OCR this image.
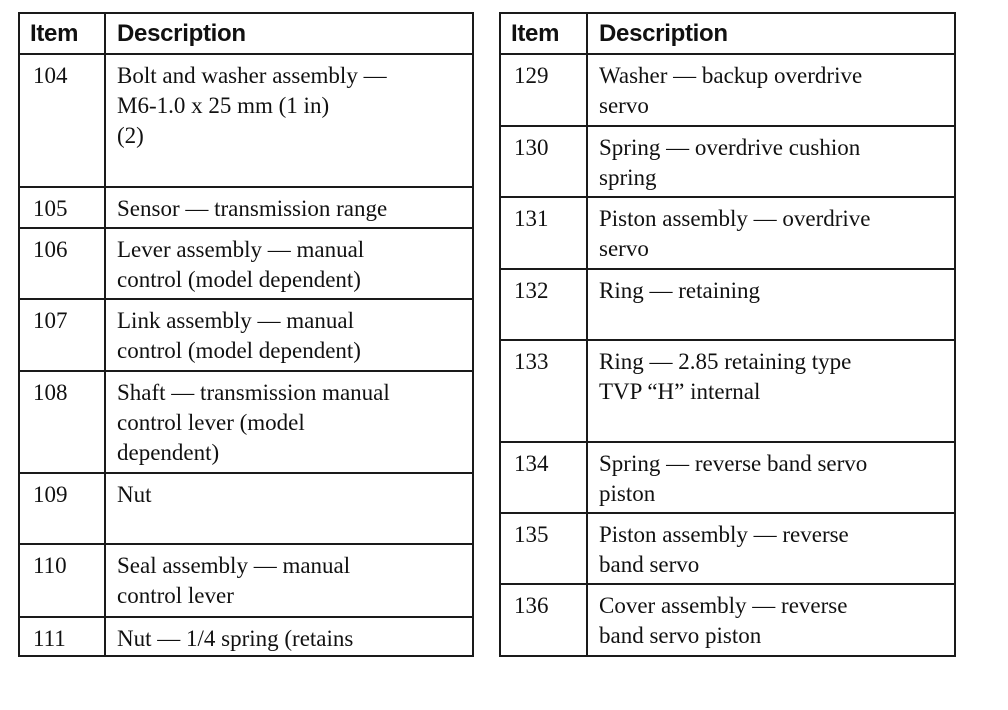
Item	Description
104	Bolt and washer assembly —
M6-1.0 x 25 mm (1 in)
(2)
105	Sensor — transmission range
106	Lever assembly — manual
control (model dependent)
107	Link assembly — manual
control (model dependent)
108	Shaft — transmission manual
control lever (model
dependent)
109	Nut
110	Seal assembly — manual
control lever
111	Nut — 1/4 spring (retains
Item	Description
129	Washer — backup overdrive
servo
130	Spring — overdrive cushion
spring
131	Piston assembly — overdrive
servo
132	Ring — retaining
133	Ring — 2.85 retaining type
TVP “H” internal
134	Spring — reverse band servo
piston
135	Piston assembly — reverse
band servo
136	Cover assembly — reverse
band servo piston
